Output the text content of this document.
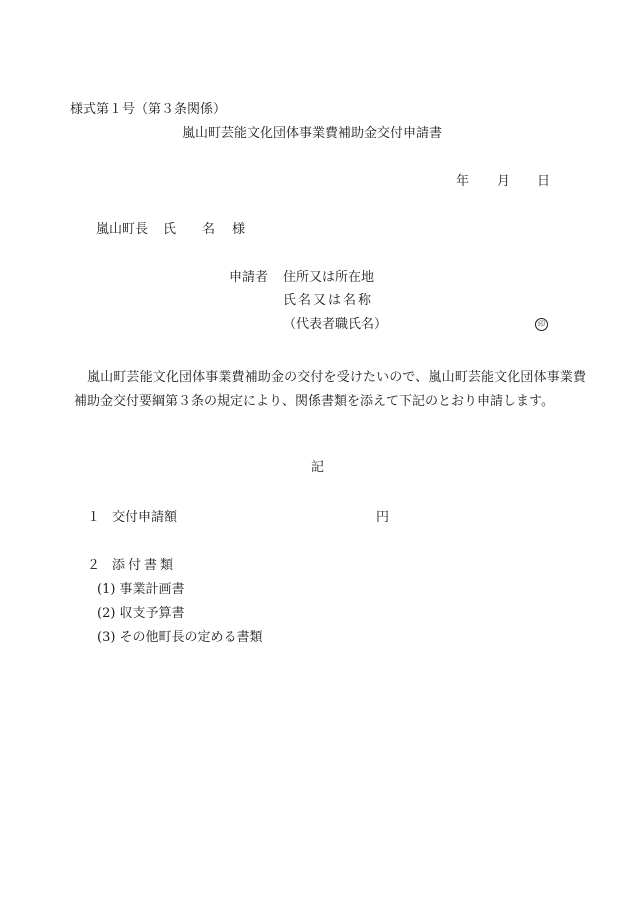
様式第１号（第３条関係）
嵐山町芸能文化団体事業費補助金交付申請書
年 月 日
嵐山町長 氏 名 様
申請者 住所又は所在地
氏名又は名称
（代表者職氏名）	印
嵐山町芸能文化団体事業費補助金の交付を受けたいので、嵐山町芸能文化団体事業費補助金交付要綱第３条の規定により、関係書類を添えて下記のとおり申請します。
記
１ 交付申請額	円
２ 添付書類
(1) 事業計画書
(2) 収支予算書
(3) その他町長の定める書類
